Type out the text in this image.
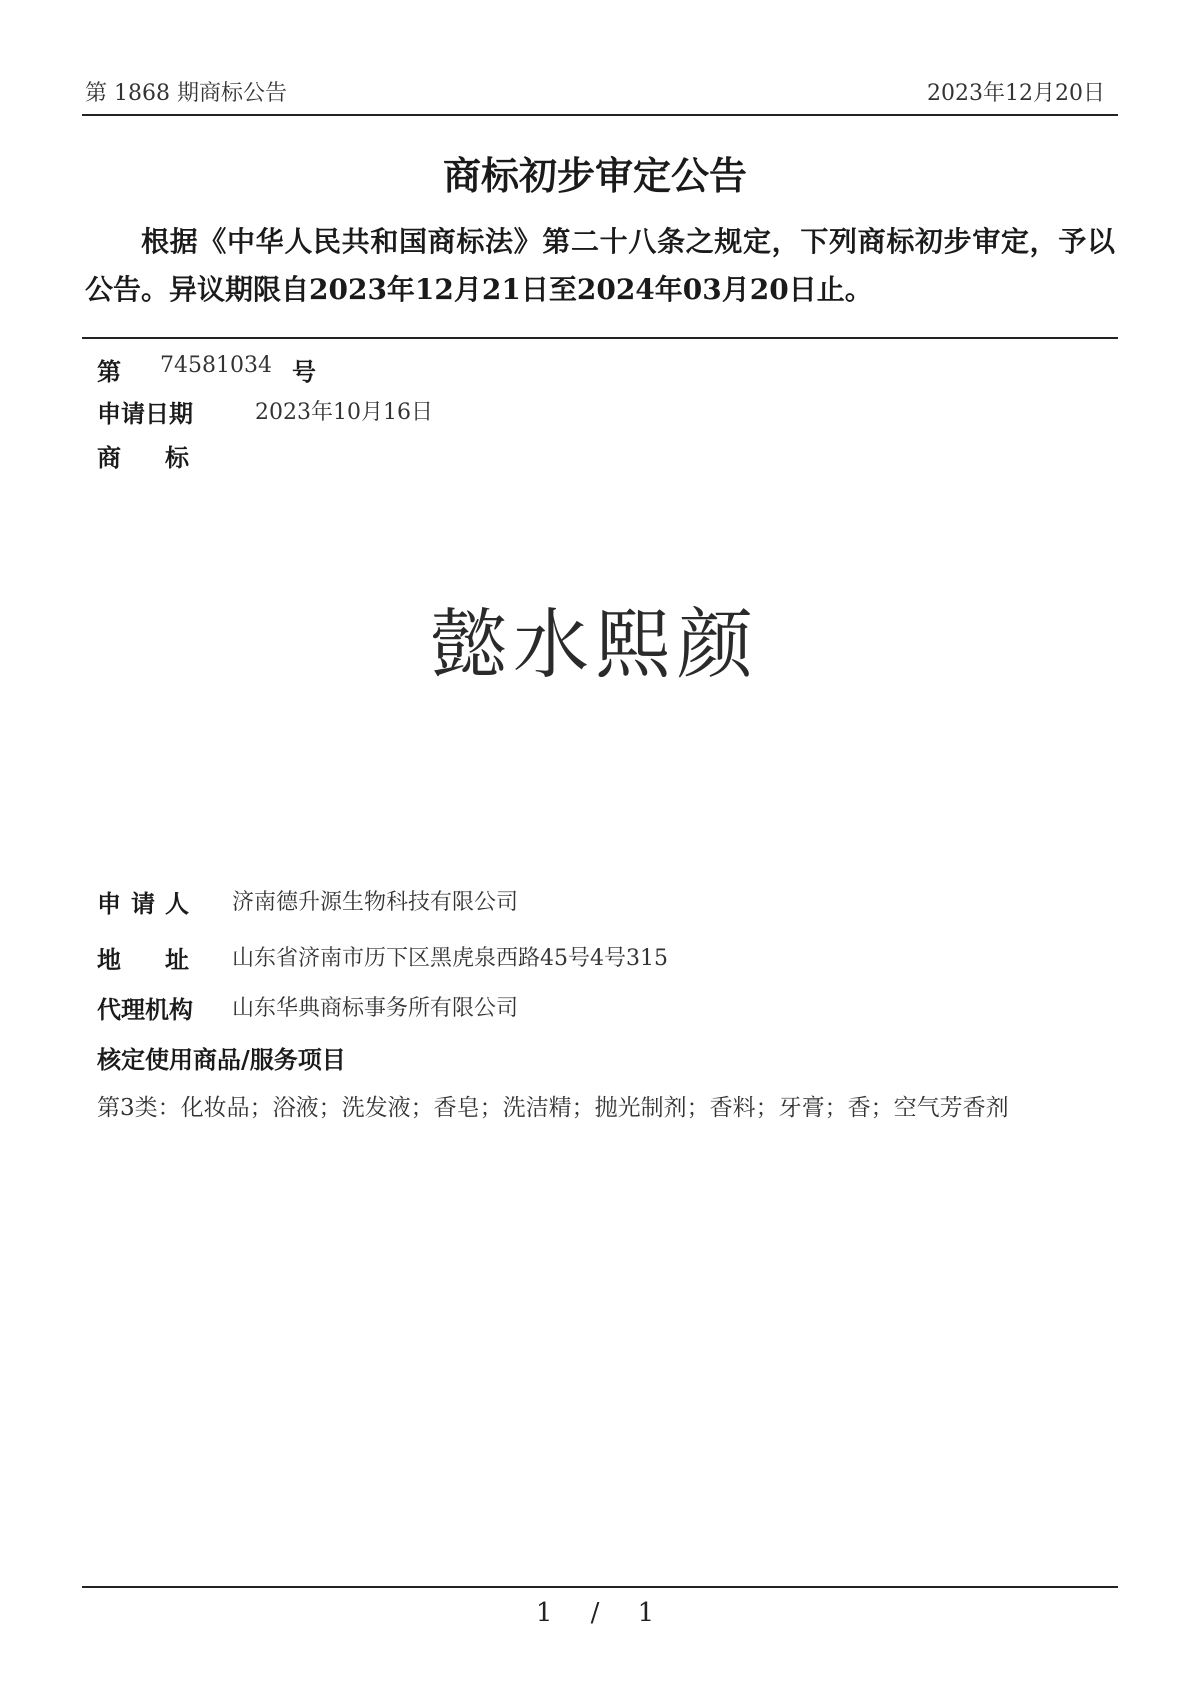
第 1868 期商标公告	2023年12月20日
商标初步审定公告
根据《中华人民共和国商标法》第二十八条之规定，下列商标初步审定，予以公告。异议期限自2023年12月21日至2024年03月20日止。
第 74581034 号
申请日期	2023年10月16日
商标
懿水熙颜
申请人 济南德升源生物科技有限公司
地址 山东省济南市历下区黑虎泉西路45号4号315
代理机构 山东华典商标事务所有限公司
核定使用商品/服务项目
第3类：化妆品；浴液；洗发液；香皂；洗洁精；抛光制剂；香料；牙膏；香；空气芳香剂
1 / 1
